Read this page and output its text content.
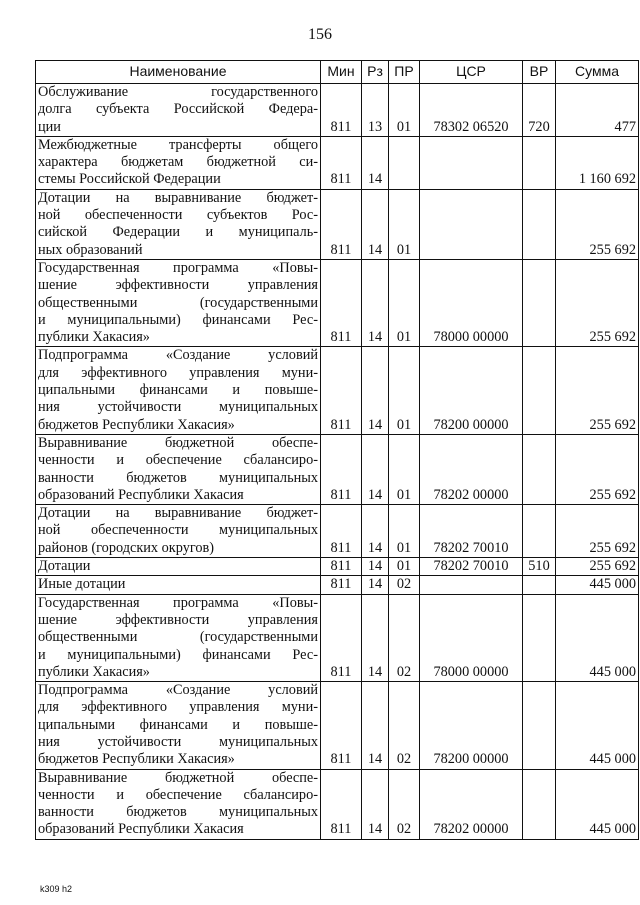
156
Наименование	Мин	Рз	ПР	ЦСР	ВР	Сумма

Обслуживание государственного
долга субъекта Российской Федера-
ции	811	13	01	78302 06520	720	477

Межбюджетные трансферты общего
характера бюджетам бюджетной си-
стемы Российской Федерации	811	14				1 160 692

Дотации на выравнивание бюджет-
ной обеспеченности субъектов Рос-
сийской Федерации и муниципаль-
ных образований	811	14	01			255 692

Государственная программа «Повы-
шение эффективности управления
общественными (государственными
и муниципальными) финансами Рес-
публики Хакасия»	811	14	01	78000 00000		255 692

Подпрограмма «Создание условий
для эффективного управления муни-
ципальными финансами и повыше-
ния устойчивости муниципальных
бюджетов Республики Хакасия»	811	14	01	78200 00000		255 692

Выравнивание бюджетной обеспе-
ченности и обеспечение сбалансиро-
ванности бюджетов муниципальных
образований Республики Хакасия	811	14	01	78202 00000		255 692

Дотации на выравнивание бюджет-
ной обеспеченности муниципальных
районов (городских округов)	811	14	01	78202 70010		255 692

Дотации	811	14	01	78202 70010	510	255 692

Иные дотации	811	14	02			445 000

Государственная программа «Повы-
шение эффективности управления
общественными (государственными
и муниципальными) финансами Рес-
публики Хакасия»	811	14	02	78000 00000		445 000

Подпрограмма «Создание условий
для эффективного управления муни-
ципальными финансами и повыше-
ния устойчивости муниципальных
бюджетов Республики Хакасия»	811	14	02	78200 00000		445 000

Выравнивание бюджетной обеспе-
ченности и обеспечение сбалансиро-
ванности бюджетов муниципальных
образований Республики Хакасия	811	14	02	78202 00000		445 000
k309 h2
